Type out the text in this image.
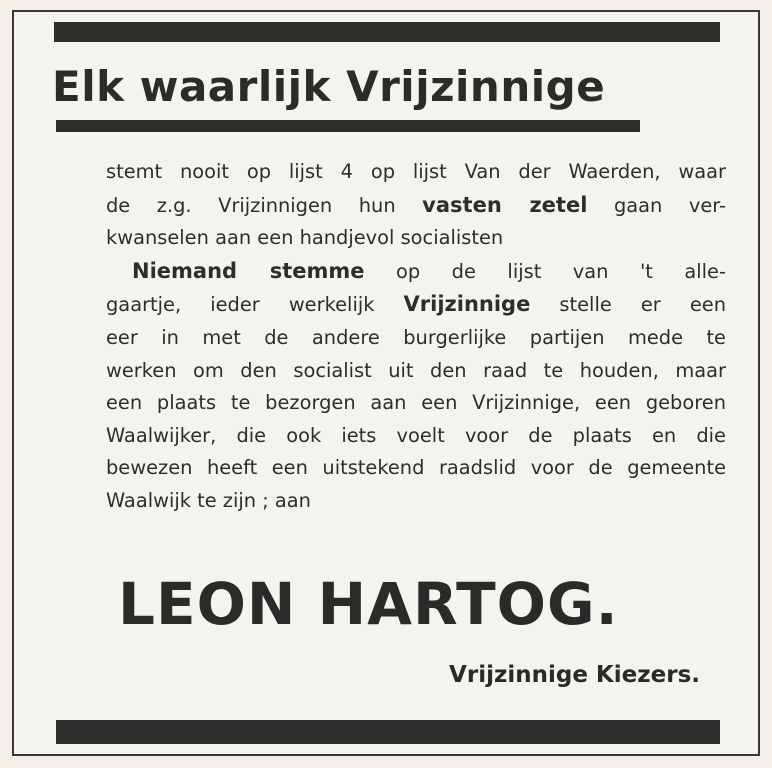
Elk waarlijk Vrijzinnige
stemt nooit op lijst 4 op lijst Van der Waerden, waar
de z.g. Vrijzinnigen hun vasten zetel gaan ver-
kwanselen aan een handjevol socialisten
Niemand stemme op de lijst van 't alle-
gaartje, ieder werkelijk Vrijzinnige stelle er een
eer in met de andere burgerlijke partijen mede te
werken om den socialist uit den raad te houden, maar
een plaats te bezorgen aan een Vrijzinnige, een geboren
Waalwijker, die ook iets voelt voor de plaats en die
bewezen heeft een uitstekend raadslid voor de gemeente
Waalwijk te zijn ; aan
LEON HARTOG.
Vrijzinnige Kiezers.
